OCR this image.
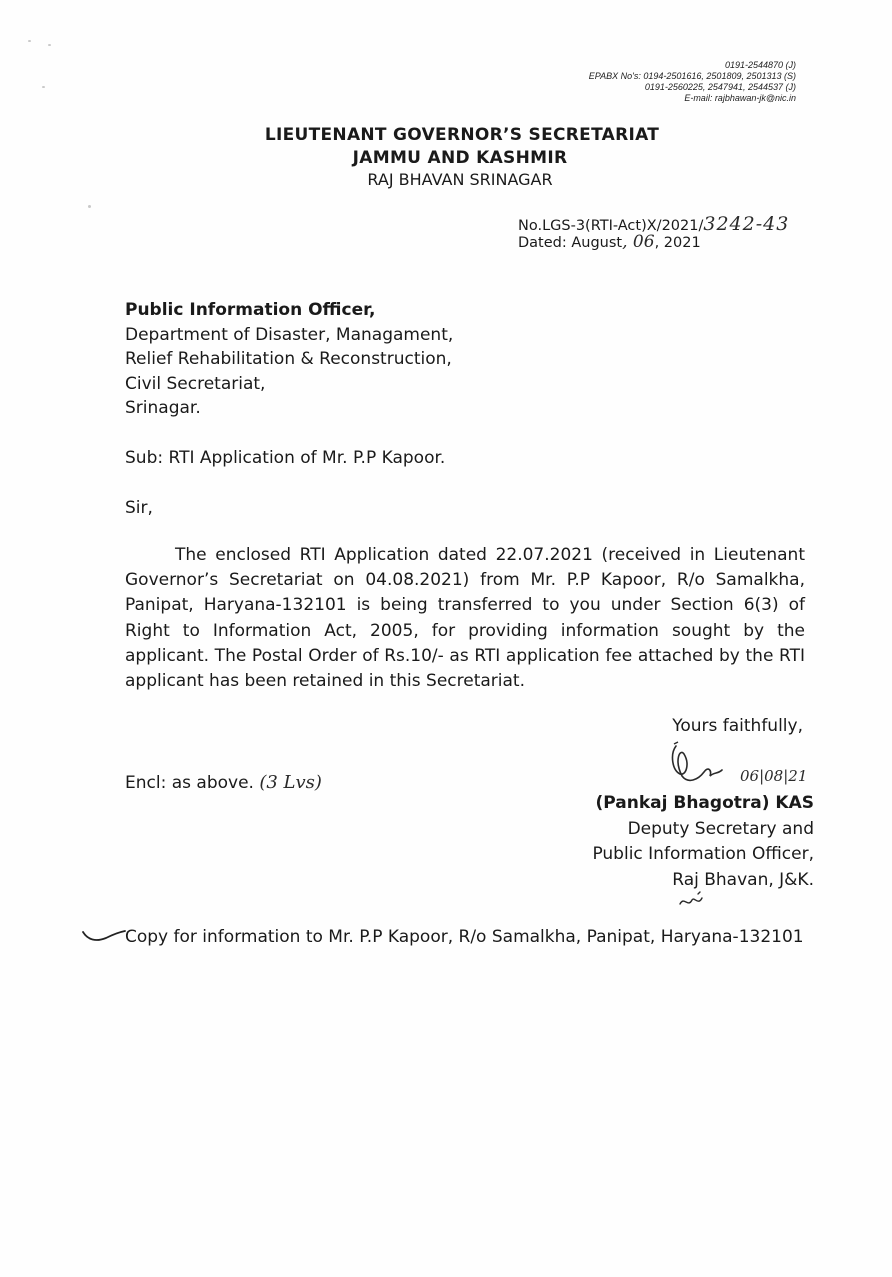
0191-2544870 (J)
EPABX No's: 0194-2501616, 2501809, 2501313 (S)
0191-2560225, 2547941, 2544537 (J)
E-mail: rajbhawan-jk@nic.in
LIEUTENANT GOVERNOR’S SECRETARIAT
JAMMU AND KASHMIR
RAJ BHAVAN SRINAGAR
No.LGS-3(RTI-Act)X/2021/3242-43
Dated: August, 06, 2021
Public Information Officer,
Department of Disaster, Managament,
Relief Rehabilitation & Reconstruction,
Civil Secretariat,
Srinagar.
Sub: RTI Application of Mr. P.P Kapoor.
Sir,
The enclosed RTI Application dated 22.07.2021 (received in Lieutenant Governor’s Secretariat on 04.08.2021) from Mr. P.P Kapoor, R/o Samalkha, Panipat, Haryana-132101 is being transferred to you under Section 6(3) of Right to Information Act, 2005, for providing information sought by the applicant. The Postal Order of Rs.10/- as RTI application fee attached by the RTI applicant has been retained in this Secretariat.
Yours faithfully,
Encl: as above. (3 Lvs)	06|08|21
(Pankaj Bhagotra) KAS
Deputy Secretary and
Public Information Officer,
Raj Bhavan, J&K.
Copy for information to Mr. P.P Kapoor, R/o Samalkha, Panipat, Haryana-132101
